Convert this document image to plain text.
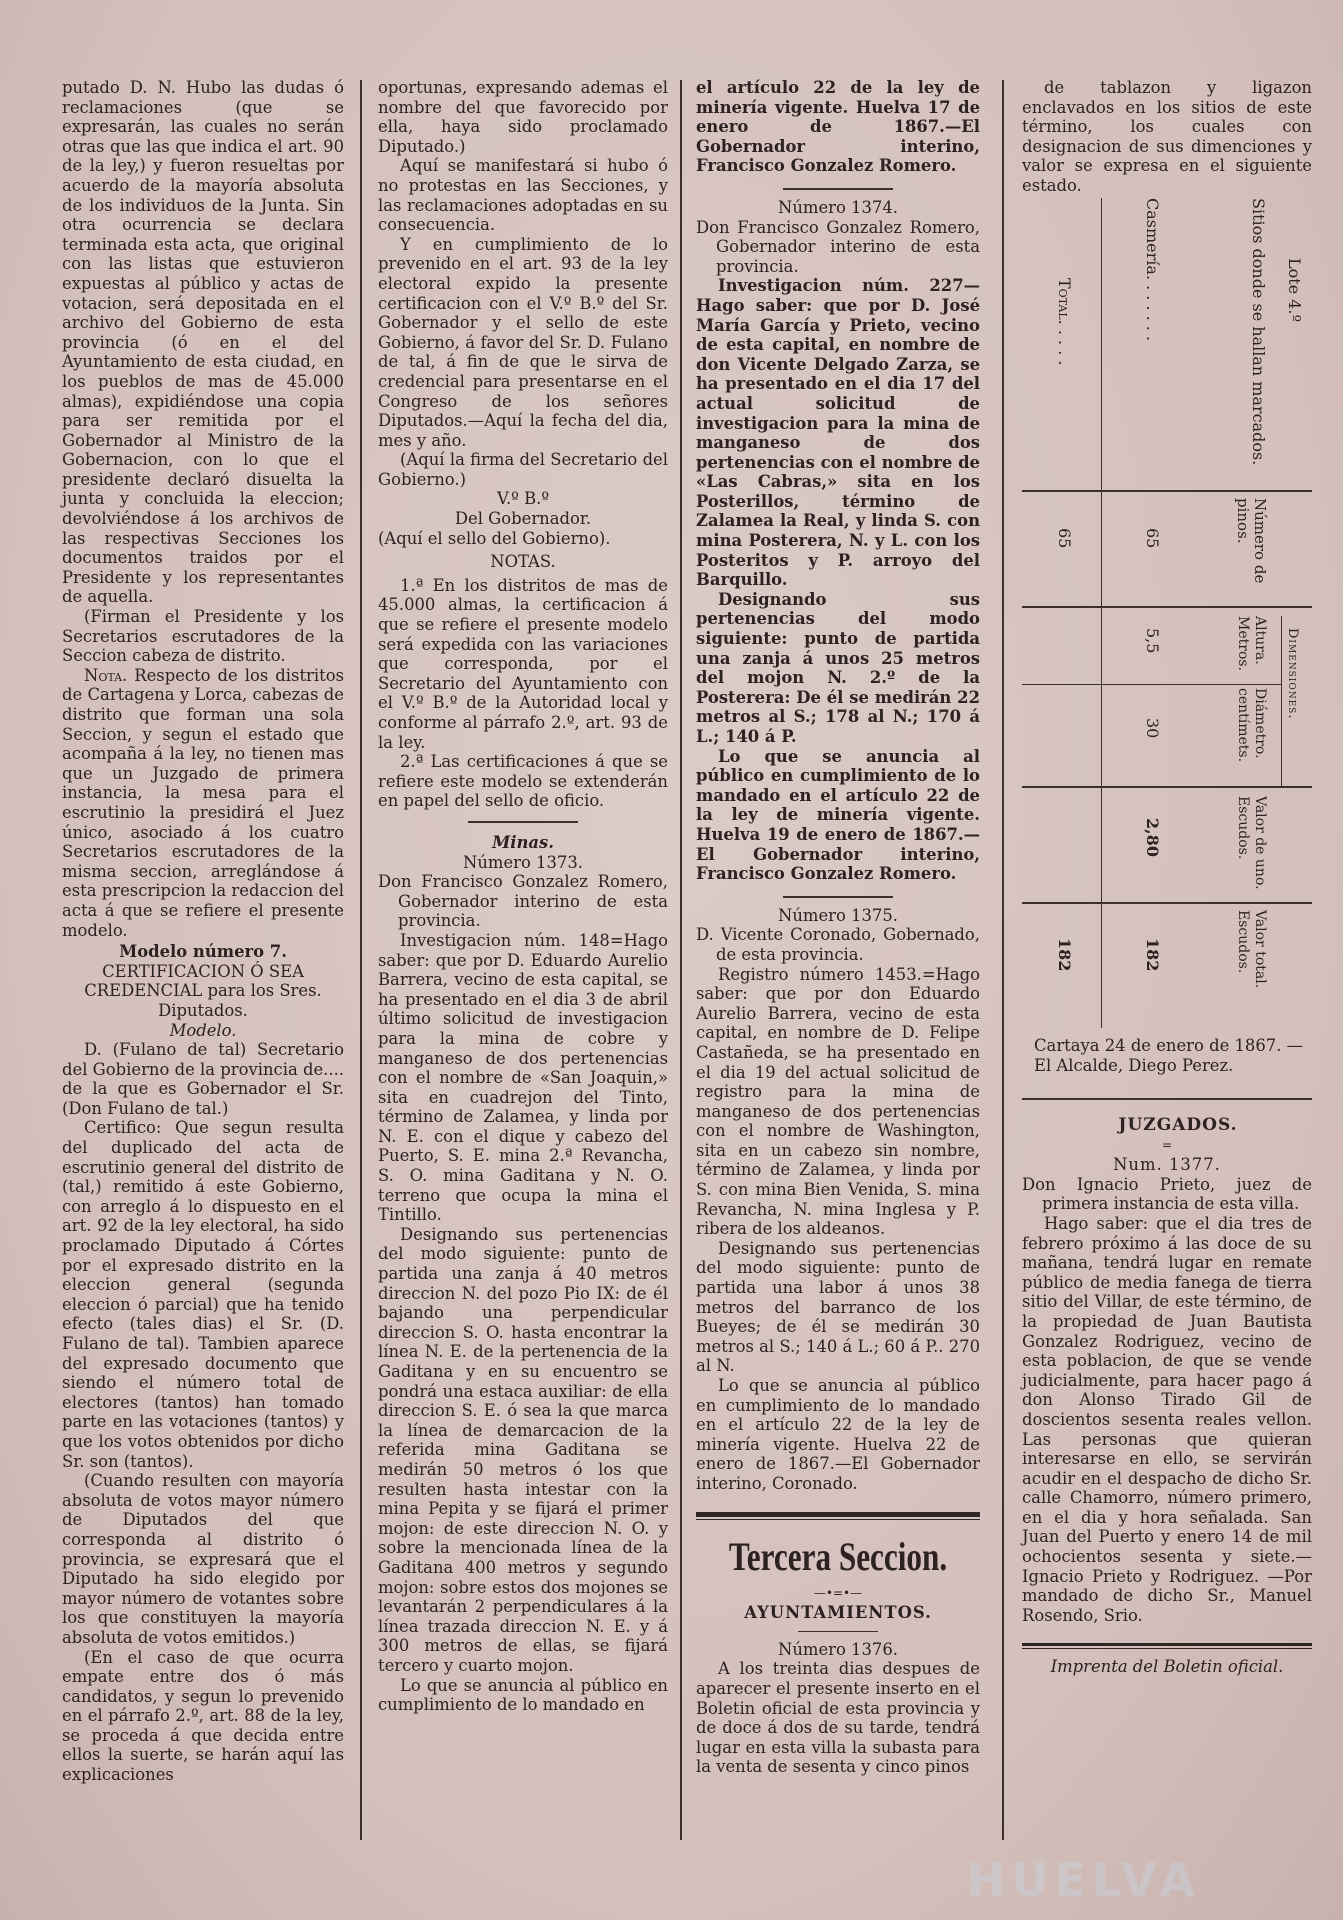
putado D. N. Hubo las dudas ó reclamaciones (que se expresarán, las cuales no serán otras que las que indica el art. 90 de la ley,) y fueron resueltas por acuerdo de la mayoría absoluta de los individuos de la Junta. Sin otra ocurrencia se declara terminada esta acta, que original con las listas que estuvieron expuestas al público y actas de votacion, será depositada en el archivo del Gobierno de esta provincia (ó en el del Ayuntamiento de esta ciudad, en los pueblos de mas de 45.000 almas), expidiéndose una copia para ser remitida por el Gobernador al Ministro de la Gobernacion, con lo que el presidente declaró disuelta la junta y concluida la eleccion; devolviéndose á los archivos de las respectivas Secciones los documentos traidos por el Presidente y los representantes de aquella.

(Firman el Presidente y los Secretarios escrutadores de la Seccion cabeza de distrito.

Nota. Respecto de los distritos de Cartagena y Lorca, cabezas de distrito que forman una sola Seccion, y segun el estado que acompaña á la ley, no tienen mas que un Juzgado de primera instancia, la mesa para el escrutinio la presidirá el Juez único, asociado á los cuatro Secretarios escrutadores de la misma seccion, arreglándose á esta prescripcion la redaccion del acta á que se refiere el presente modelo.

Modelo número 7.

CERTIFICACION Ó SEA CREDENCIAL para los Sres. Diputados.

Modelo.

D. (Fulano de tal) Secretario del Gobierno de la provincia de.... de la que es Gobernador el Sr. (Don Fulano de tal.)

Certifico: Que segun resulta del duplicado del acta de escrutinio general del distrito de (tal,) remitido á este Gobierno, con arreglo á lo dispuesto en el art. 92 de la ley electoral, ha sido proclamado Diputado á Córtes por el expresado distrito en la eleccion general (segunda eleccion ó parcial) que ha tenido efecto (tales dias) el Sr. (D. Fulano de tal). Tambien aparece del expresado documento que siendo el número total de electores (tantos) han tomado parte en las votaciones (tantos) y que los votos obtenidos por dicho Sr. son (tantos).

(Cuando resulten con mayoría absoluta de votos mayor número de Diputados del que corresponda al distrito ó provincia, se expresará que el Diputado ha sido elegido por mayor número de votantes sobre los que constituyen la mayoría absoluta de votos emitidos.)

(En el caso de que ocurra empate entre dos ó más candidatos, y segun lo prevenido en el párrafo 2.º, art. 88 de la ley, se proceda á que decida entre ellos la suerte, se harán aquí las explicaciones

oportunas, expresando ademas el nombre del que favorecido por ella, haya sido proclamado Diputado.)

Aquí se manifestará si hubo ó no protestas en las Secciones, y las reclamaciones adoptadas en su consecuencia.

Y en cumplimiento de lo prevenido en el art. 93 de la ley electoral expido la presente certificacion con el V.º B.º del Sr. Gobernador y el sello de este Gobierno, á favor del Sr. D. Fulano de tal, á fin de que le sirva de credencial para presentarse en el Congreso de los señores Diputados.—Aquí la fecha del dia, mes y año.

(Aquí la firma del Secretario del Gobierno.)

V.º B.º

Del Gobernador.

(Aquí el sello del Gobierno).

NOTAS.

1.ª En los distritos de mas de 45.000 almas, la certificacion á que se refiere el presente modelo será expedida con las variaciones que corresponda, por el Secretario del Ayuntamiento con el V.º B.º de la Autoridad local y conforme al párrafo 2.º, art. 93 de la ley.

2.ª Las certificaciones á que se refiere este modelo se extenderán en papel del sello de oficio.

Minas.

Número 1373.

Don Francisco Gonzalez Romero, Gobernador interino de esta provincia.

Investigacion núm. 148=Hago saber: que por D. Eduardo Aurelio Barrera, vecino de esta capital, se ha presentado en el dia 3 de abril último solicitud de investigacion para la mina de cobre y manganeso de dos pertenencias con el nombre de «San Joaquin,» sita en cuadrejon del Tinto, término de Zalamea, y linda por N. E. con el dique y cabezo del Puerto, S. E. mina 2.ª Revancha, S. O. mina Gaditana y N. O. terreno que ocupa la mina el Tintillo.

Designando sus pertenencias del modo siguiente: punto de partida una zanja á 40 metros direccion N. del pozo Pio IX: de él bajando una perpendicular direccion S. O. hasta encontrar la línea N. E. de la pertenencia de la Gaditana y en su encuentro se pondrá una estaca auxiliar: de ella direccion S. E. ó sea la que marca la línea de demarcacion de la referida mina Gaditana se medirán 50 metros ó los que resulten hasta intestar con la mina Pepita y se fijará el primer mojon: de este direccion N. O. y sobre la mencionada línea de la Gaditana 400 metros y segundo mojon: sobre estos dos mojones se levantarán 2 perpendiculares á la línea trazada direccion N. E. y á 300 metros de ellas, se fijará tercero y cuarto mojon.

Lo que se anuncia al público en cumplimiento de lo mandado en

el artículo 22 de la ley de minería vigente. Huelva 17 de enero de 1867.—El Gobernador interino, Francisco Gonzalez Romero.

Número 1374.

Don Francisco Gonzalez Romero, Gobernador interino de esta provincia.

Investigacion núm. 227—Hago saber: que por D. José María García y Prieto, vecino de esta capital, en nombre de don Vicente Delgado Zarza, se ha presentado en el dia 17 del actual solicitud de investigacion para la mina de manganeso de dos pertenencias con el nombre de «Las Cabras,» sita en los Posterillos, término de Zalamea la Real, y linda S. con mina Posterera, N. y L. con los Posteritos y P. arroyo del Barquillo.

Designando sus pertenencias del modo siguiente: punto de partida una zanja á unos 25 metros del mojon N. 2.º de la Posterera: De él se medirán 22 metros al S.; 178 al N.; 170 á L.; 140 á P.

Lo que se anuncia al público en cumplimiento de lo mandado en el artículo 22 de la ley de minería vigente. Huelva 19 de enero de 1867.—El Gobernador interino, Francisco Gonzalez Romero.

Número 1375.

D. Vicente Coronado, Gobernado, de esta provincia.

Registro número 1453.=Hago saber: que por don Eduardo Aurelio Barrera, vecino de esta capital, en nombre de D. Felipe Castañeda, se ha presentado en el dia 19 del actual solicitud de registro para la mina de manganeso de dos pertenencias con el nombre de Washington, sita en un cabezo sin nombre, término de Zalamea, y linda por S. con mina Bien Venida, S. mina Revancha, N. mina Inglesa y P. ribera de los aldeanos.

Designando sus pertenencias del modo siguiente: punto de partida una labor á unos 38 metros del barranco de los Bueyes; de él se medirán 30 metros al S.; 140 á L.; 60 á P.. 270 al N.

Lo que se anuncia al público en cumplimiento de lo mandado en el artículo 22 de la ley de minería vigente. Huelva 22 de enero de 1867.—El Gobernador interino, Coronado.

Tercera Seccion.

—•=•—

AYUNTAMIENTOS.

Número 1376.

A los treinta dias despues de aparecer el presente inserto en el Boletin oficial de esta provincia y de doce á dos de su tarde, tendrá lugar en esta villa la subasta para la venta de sesenta y cinco pinos

de tablazon y ligazon enclavados en los sitios de este término, los cuales con designacion de sus dimenciones y valor se expresa en el siguiente estado.

Lote 4.º
Sitios donde se hallan marcados.
Número de pinos.
Altura. Metros.
Diámetro. centímets.
Valor de uno. Escudos.
Valor total. Escudos.
Dimensiones.
Casmería. . . . . . .
65
5,5
30
2,80
182
Total. . . . .
65
182
Cartaya 24 de enero de 1867. —El Alcalde, Diego Perez.

JUZGADOS.

=

Num. 1377.

Don Ignacio Prieto, juez de primera instancia de esta villa.

Hago saber: que el dia tres de febrero próximo á las doce de su mañana, tendrá lugar en remate público de media fanega de tierra sitio del Villar, de este término, de la propiedad de Juan Bautista Gonzalez Rodriguez, vecino de esta poblacion, de que se vende judicialmente, para hacer pago á don Alonso Tirado Gil de doscientos sesenta reales vellon. Las personas que quieran interesarse en ello, se servirán acudir en el despacho de dicho Sr. calle Chamorro, número primero, en el dia y hora señalada. San Juan del Puerto y enero 14 de mil ochocientos sesenta y siete.—Ignacio Prieto y Rodriguez. —Por mandado de dicho Sr., Manuel Rosendo, Srio.

Imprenta del Boletin oficial.

HUELVA
